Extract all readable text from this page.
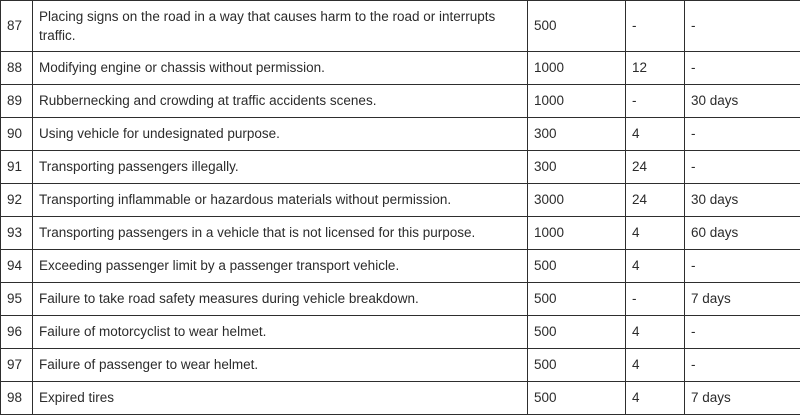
87	Placing signs on the road in a way that causes harm to the road or interrupts traffic.	500	-	-
88	Modifying engine or chassis without permission.	1000	12	-
89	Rubbernecking and crowding at traffic accidents scenes.	1000	-	30 days
90	Using vehicle for undesignated purpose.	300	4	-
91	Transporting passengers illegally.	300	24	-
92	Transporting inflammable or hazardous materials without permission.	3000	24	30 days
93	Transporting passengers in a vehicle that is not licensed for this purpose.	1000	4	60 days
94	Exceeding passenger limit by a passenger transport vehicle.	500	4	-
95	Failure to take road safety measures during vehicle breakdown.	500	-	7 days
96	Failure of motorcyclist to wear helmet.	500	4	-
97	Failure of passenger to wear helmet.	500	4	-
98	Expired tires	500	4	7 days
